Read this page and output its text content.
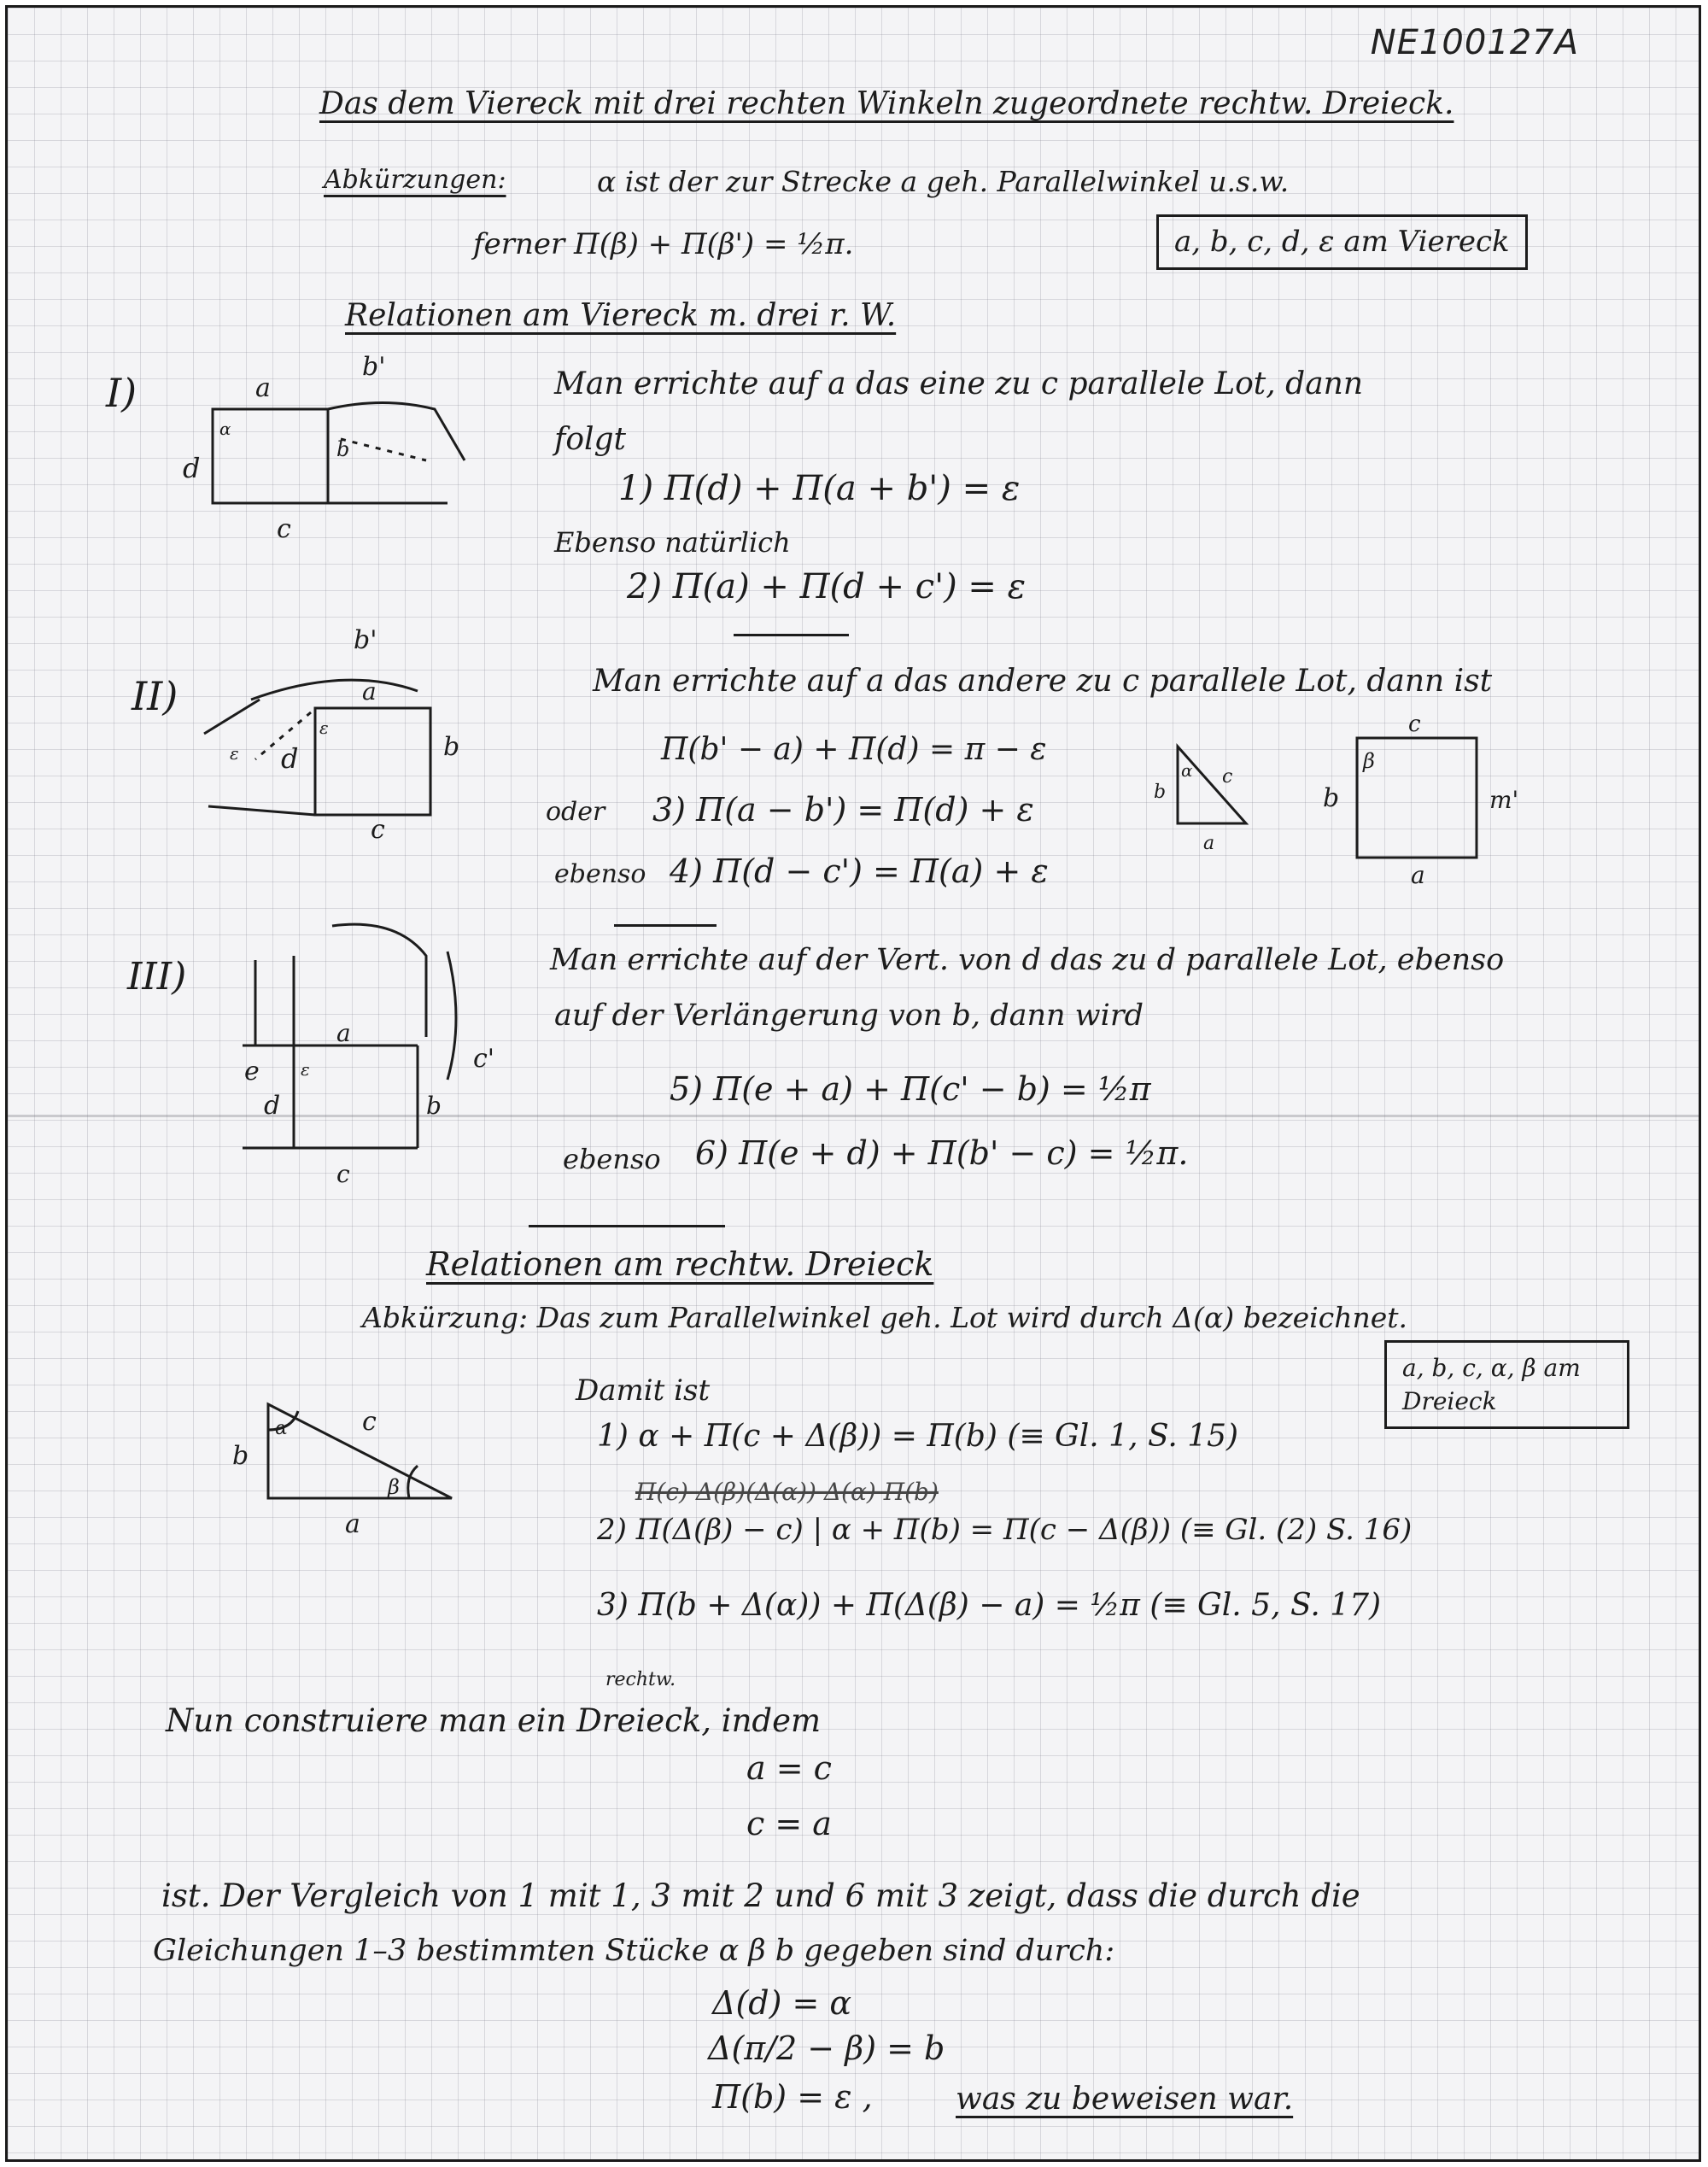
NE100127A
Das dem Viereck mit drei rechten Winkeln zugeordnete rechtw. Dreieck.
Abkürzungen:	α ist der zur Strecke a geh. Parallelwinkel u.s.w.
ferner Π(β) + Π(β') = ½π.	a, b, c, d, ε am Viereck
Relationen am Viereck m. drei r. W.
I)	a
b'
d
c
b
α
Man errichte auf a das eine zu c parallele Lot, dann
folgt
1) Π(d) + Π(a + b') = ε
Ebenso natürlich
2) Π(a) + Π(d + c') = ε
II)
b'
a
ε
d	b
c
ε
Man errichte auf a das andere zu c parallele Lot, dann ist
Π(b' − a) + Π(d) = π − ε
oder 3) Π(a − b') = Π(d) + ε
ebenso 4) Π(d − c') = Π(a) + ε
b
α c
a
c
b
β
m'
a
III)
a
e ε
d	b
c
c'
Man errichte auf der Vert. von d das zu d parallele Lot, ebenso
auf der Verlängerung von b, dann wird
5) Π(e + a) + Π(c' − b) = ½π
ebenso 6) Π(e + d) + Π(b' − c) = ½π.
Relationen am rechtw. Dreieck
Abkürzung: Das zum Parallelwinkel geh. Lot wird durch Δ(α) bezeichnet.
a, b, c, α, β am Dreieck
Damit ist
b
α	c
β
a
1) α + Π(c + Δ(β)) = Π(b) (≡ Gl. 1, S. 15)
Π(c) Δ(β)(Δ(α)) Δ(α) Π(b)
2) Π(Δ(β) − c) | α + Π(b) = Π(c − Δ(β)) (≡ Gl. (2) S. 16)
3) Π(b + Δ(α)) + Π(Δ(β) − a) = ½π (≡ Gl. 5, S. 17)
rechtw.
Nun construiere man ein Dreieck, indem
a = c
c = a
ist. Der Vergleich von 1 mit 1, 3 mit 2 und 6 mit 3 zeigt, dass die durch die
Gleichungen 1–3 bestimmten Stücke α β b gegeben sind durch:
Δ(d) = α
Δ(π/2 − β) = b
Π(b) = ε ,	was zu beweisen war.
